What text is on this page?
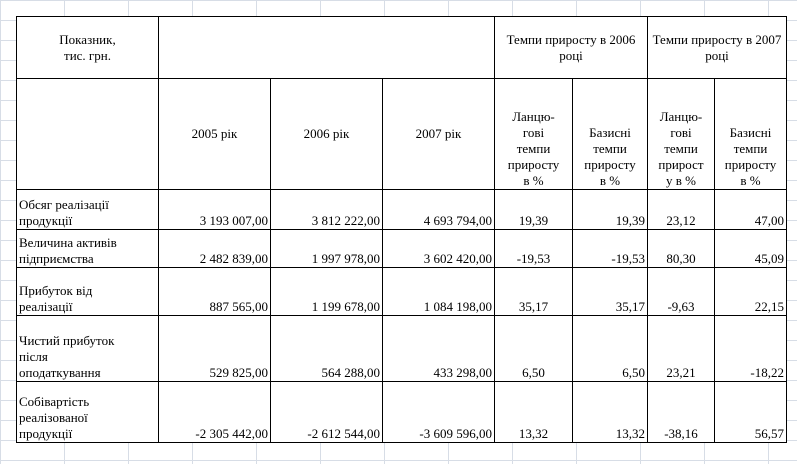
Показник,
тис. грн.				Темпи приросту в 2006 році		Темпи приросту в 2007 році	
	2005 рік	2006 рік	2007 рік	Ланцю-
гові
темпи
приросту
в %	Базисні
темпи
приросту
в %	Ланцю-
гові
темпи
прирост
у в %	Базисні
темпи
приросту
в %
Обсяг реалізації
продукції	3 193 007,00	3 812 222,00	4 693 794,00	19,39	19,39	23,12	47,00
Величина активів
підприємства	2 482 839,00	1 997 978,00	3 602 420,00	-19,53	-19,53	80,30	45,09
Прибуток від
реалізації	887 565,00	1 199 678,00	1 084 198,00	35,17	35,17	-9,63	22,15
Чистий прибуток
після
оподаткування	529 825,00	564 288,00	433 298,00	6,50	6,50	23,21	-18,22
Собівартість
реалізованої
продукції	-2 305 442,00	-2 612 544,00	-3 609 596,00	13,32	13,32	-38,16	56,57
